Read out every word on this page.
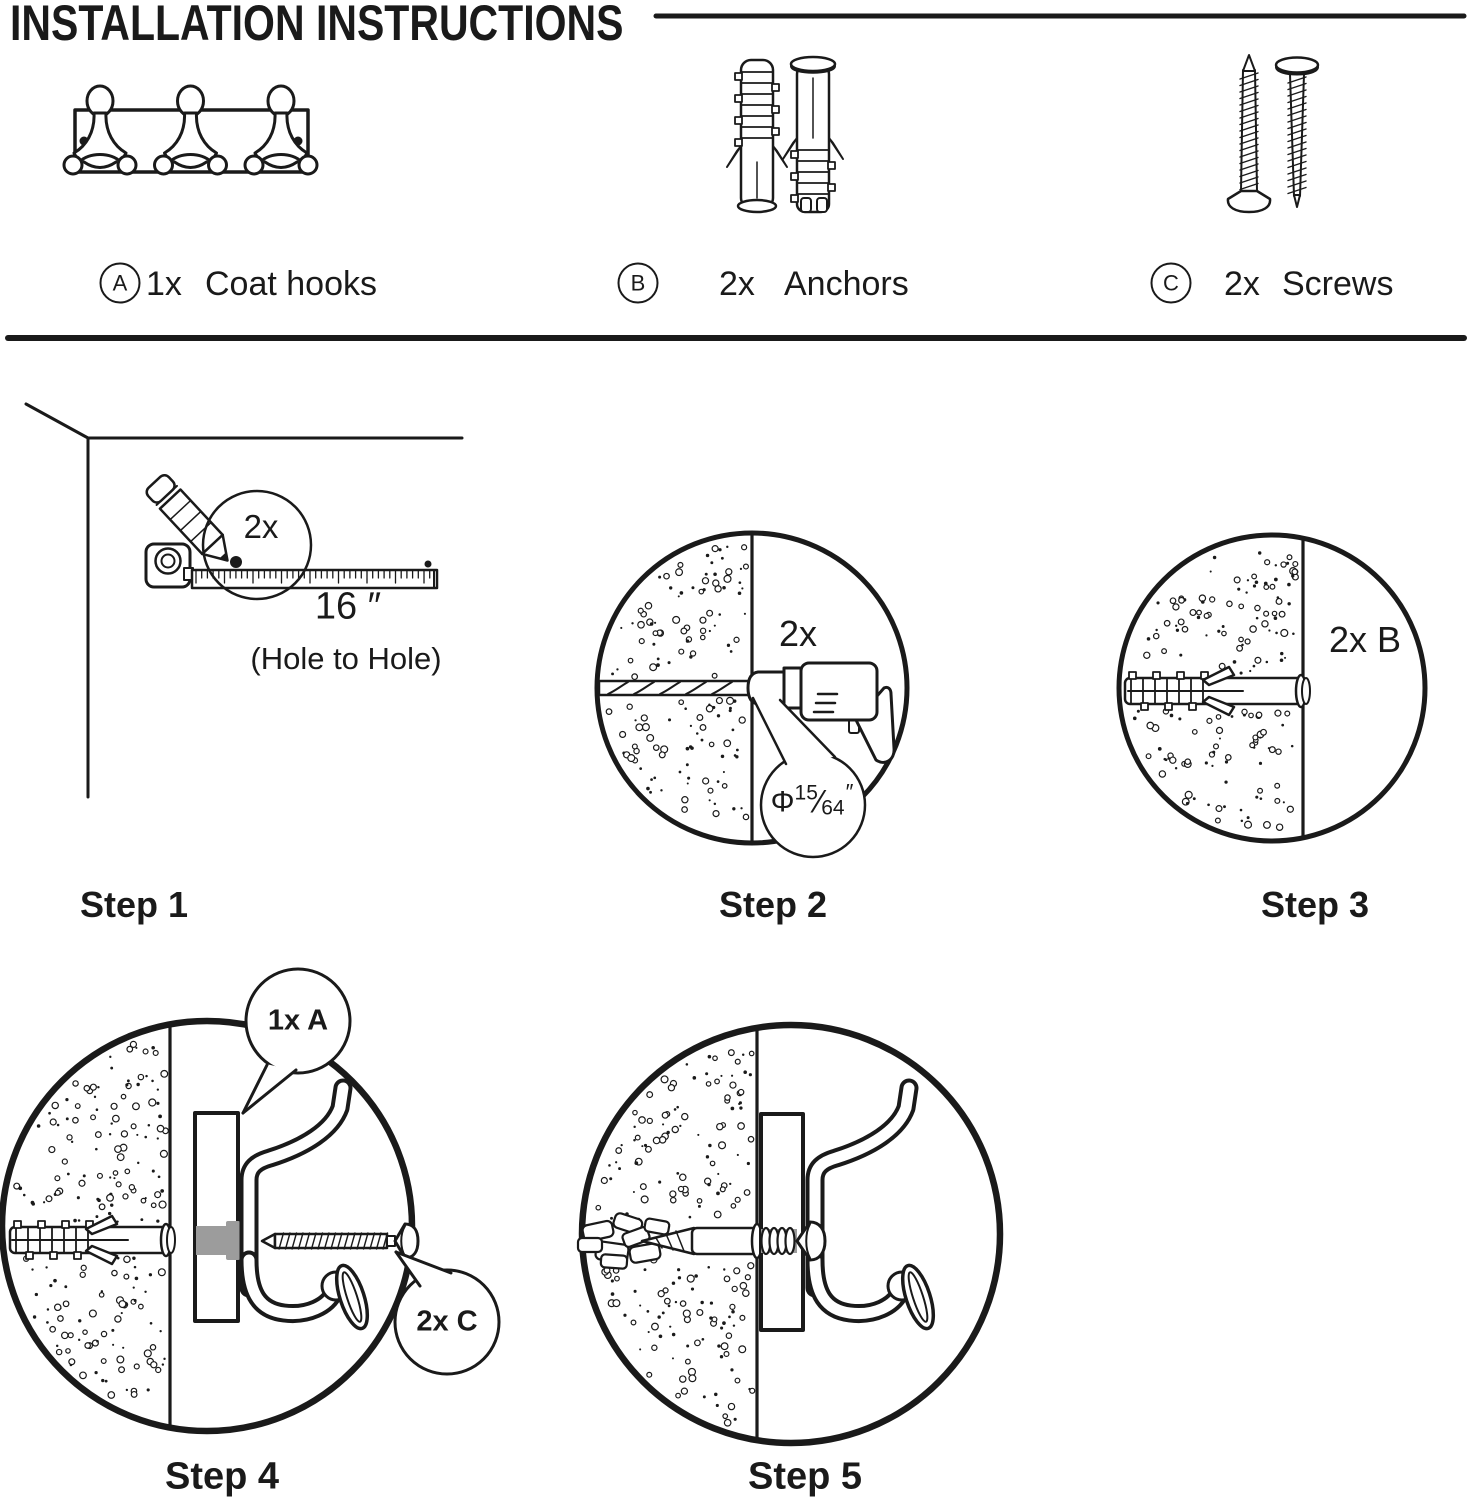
INSTALLATION INSTRUCTIONS
A 1x Coat hooks	B	2x Anchors	C	2x Screws
2x
16 ″
(Hole to Hole)
Step 1
2x
Φ 15 ⁄ 64
″
Step 2
2x B
Step 3
1x A
2x C
Step 4	Step 5
